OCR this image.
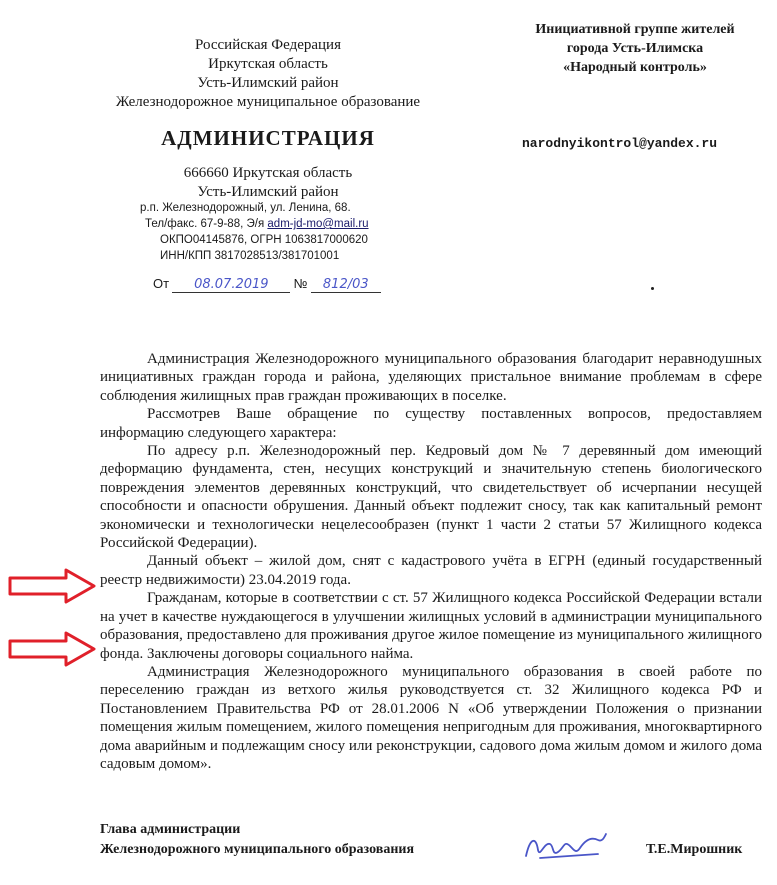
Российская Федерация
Иркутская область
Усть-Илимский район
Железнодорожное муниципальное образование
АДМИНИСТРАЦИЯ
666660 Иркутская область
Усть-Илимский район
р.п. Железнодорожный, ул. Ленина, 68.
Тел/факс. 67-9-88, Э/я adm-jd-mo@mail.ru
ОКПО04145876, ОГРН 1063817000620
ИНН/КПП 3817028513/381701001
От 08.07.2019 № 812/03
Инициативной группе жителей
города Усть-Илимска
«Народный контроль»
narodnyikontrol@yandex.ru

Администрация Железнодорожного муниципального образования благодарит неравнодушных инициативных граждан города и района, уделяющих пристальное внимание проблемам в сфере соблюдения жилищных прав граждан проживающих в поселке.

Рассмотрев Ваше обращение по существу поставленных вопросов, предоставляем информацию следующего характера:

По адресу р.п. Железнодорожный пер. Кедровый дом № 7 деревянный дом имеющий деформацию фундамента, стен, несущих конструкций и значительную степень биологического повреждения элементов деревянных конструкций, что свидетельствует об исчерпании несущей способности и опасности обрушения. Данный объект подлежит сносу, так как капитальный ремонт экономически и технологически нецелесообразен (пункт 1 части 2 статьи 57 Жилищного кодекса Российской Федерации).

Данный объект – жилой дом, снят с кадастрового учёта в ЕГРН (единый государственный реестр недвижимости) 23.04.2019 года.

Гражданам, которые в соответствии с ст. 57 Жилищного кодекса Российской Федерации встали на учет в качестве нуждающегося в улучшении жилищных условий в администрации муниципального образования, предоставлено для проживания другое жилое помещение из муниципального жилищного фонда. Заключены договоры социального найма.

Администрация Железнодорожного муниципального образования в своей работе по переселению граждан из ветхого жилья руководствуется ст. 32 Жилищного кодекса РФ и Постановлением Правительства РФ от 28.01.2006 N «Об утверждении Положения о признании помещения жилым помещением, жилого помещения непригодным для проживания, многоквартирного дома аварийным и подлежащим сносу или реконструкции, садового дома жилым домом и жилого дома садовым домом».

Глава администрации
Железнодорожного муниципального образования	Т.Е.Мирошник
